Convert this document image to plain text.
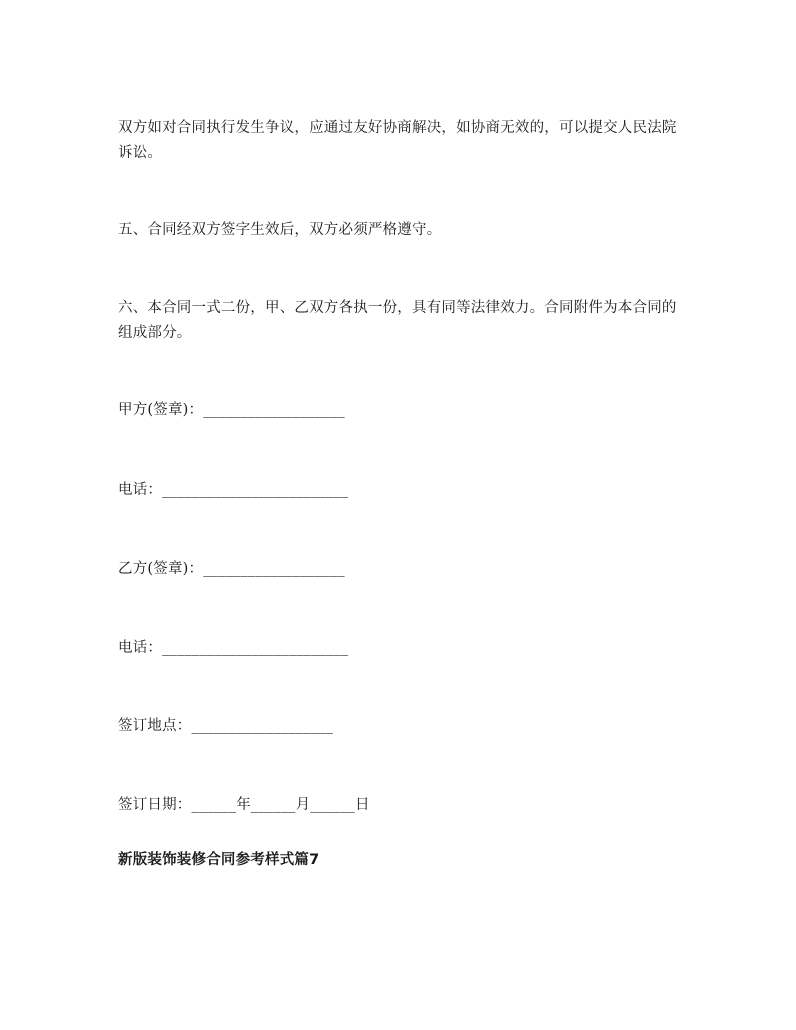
双方如对合同执行发生争议，应通过友好协商解决，如协商无效的，可以提交人民法院诉讼。

五、合同经双方签字生效后，双方必须严格遵守。

六、本合同一式二份，甲、乙双方各执一份，具有同等法律效力。合同附件为本合同的组成部分。

甲方(签章)：___________________

电话：_________________________

乙方(签章)：___________________

电话：_________________________

签订地点：___________________

签订日期：______年______月______日

新版装饰装修合同参考样式篇7
